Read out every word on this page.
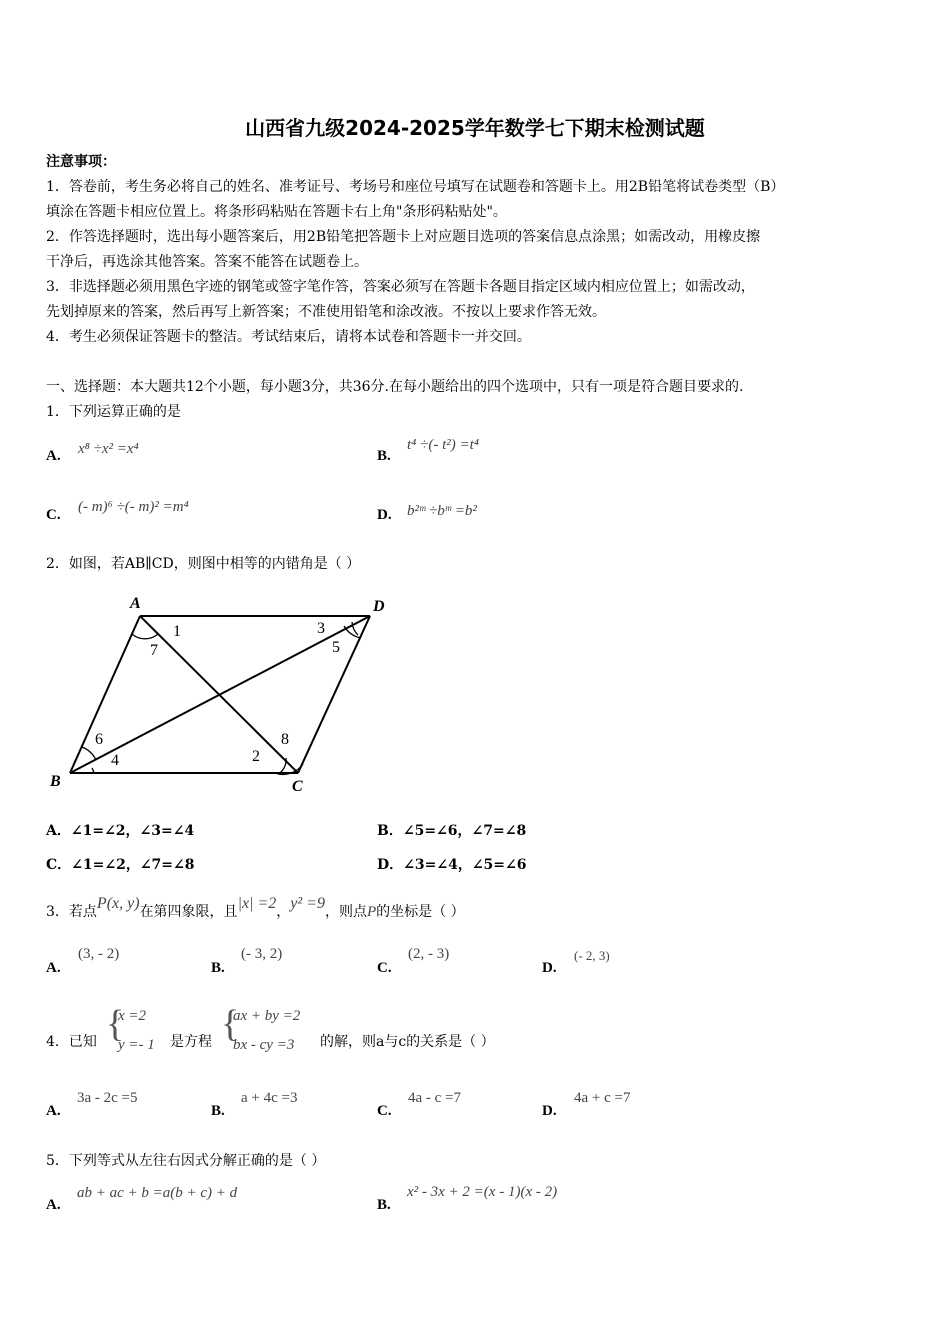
山西省九级2024-2025学年数学七下期末检测试题
注意事项：
1．答卷前，考生务必将自己的姓名、准考证号、考场号和座位号填写在试题卷和答题卡上。用2B铅笔将试卷类型（B）
填涂在答题卡相应位置上。将条形码粘贴在答题卡右上角"条形码粘贴处"。
2．作答选择题时，选出每小题答案后，用2B铅笔把答题卡上对应题目选项的答案信息点涂黑；如需改动，用橡皮擦
干净后，再选涂其他答案。答案不能答在试题卷上。
3．非选择题必须用黑色字迹的钢笔或签字笔作答，答案必须写在答题卡各题目指定区域内相应位置上；如需改动，
先划掉原来的答案，然后再写上新答案；不准使用铅笔和涂改液。不按以上要求作答无效。
4．考生必须保证答题卡的整洁。考试结束后，请将本试卷和答题卡一并交回。
一、选择题：本大题共12个小题，每小题3分，共36分.在每小题给出的四个选项中，只有一项是符合题目要求的.
1．下列运算正确的是
A. x⁸ ÷x² =x⁴	B.
t⁴ ÷(- t²) =t⁴
C. (- m)⁶ ÷(- m)² =m⁴	D. b²ᵐ ÷bᵐ =b²
2．如图，若AB∥CD，则图中相等的内错角是（ ）
A
B	C
D
1
2
3
4
5
6
7
8
A．∠1=∠2，∠3=∠4	B．∠5=∠6，∠7=∠8
C．∠1=∠2，∠7=∠8	D．∠3=∠4，∠5=∠6
3．若点P(x, y)在第四象限，且|x| =2，y² =9，则点P的坐标是（ ）
A.
(3, - 2)
B.
(- 3, 2)
C.
(2, - 3)
D.
(- 2, 3)
4．已知 {
x =2
y =- 1 是方程 {
ax + by =2
bx - cy =3 的解，则a与c的关系是（ ）
A.
3a - 2c =5
B.
a + 4c =3
C.
4a - c =7
D.
4a + c =7
5．下列等式从左往右因式分解正确的是（ ）
A.
ab + ac + b =a(b + c) + d
B.
x² - 3x + 2 =(x - 1)(x - 2)
